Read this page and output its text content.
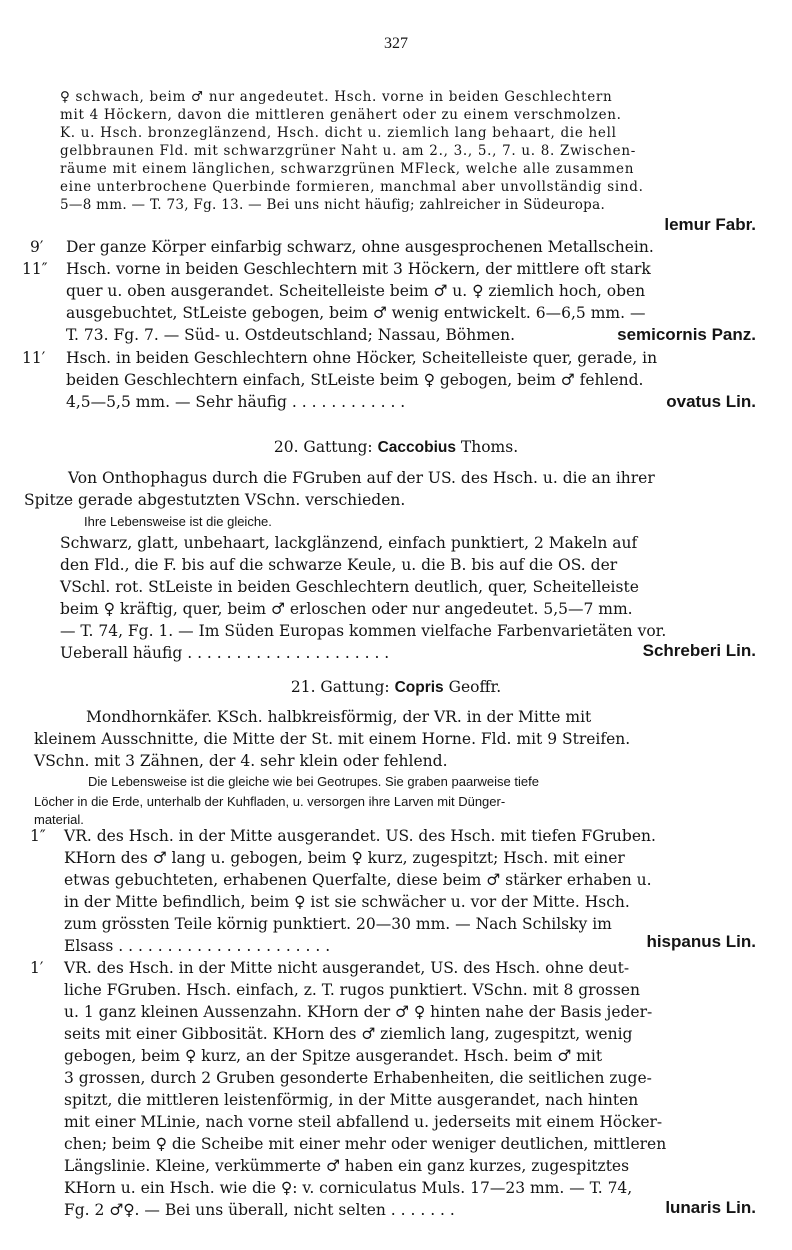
327
♀ schwach, beim ♂ nur angedeutet. Hsch. vorne in beiden Geschlechtern
mit 4 Höckern, davon die mittleren genähert oder zu einem verschmolzen.
K. u. Hsch. bronzeglänzend, Hsch. dicht u. ziemlich lang behaart, die hell
gelbbraunen Fld. mit schwarzgrüner Naht u. am 2., 3., 5., 7. u. 8. Zwischen-
räume mit einem länglichen, schwarzgrünen MFleck, welche alle zusammen
eine unterbrochene Querbinde formieren, manchmal aber unvollständig sind.
5—8 mm. — T. 73, Fg. 13. — Bei uns nicht häufig; zahlreicher in Südeuropa.
lemur Fabr.
9′ Der ganze Körper einfarbig schwarz, ohne ausgesprochenen Metallschein.
11″ Hsch. vorne in beiden Geschlechtern mit 3 Höckern, der mittlere oft stark
quer u. oben ausgerandet. Scheitelleiste beim ♂ u. ♀ ziemlich hoch, oben
ausgebuchtet, StLeiste gebogen, beim ♂ wenig entwickelt. 6—6,5 mm. —
T. 73. Fg. 7. — Süd- u. Ostdeutschland; Nassau, Böhmen.	semicornis Panz.
11′ Hsch. in beiden Geschlechtern ohne Höcker, Scheitelleiste quer, gerade, in
beiden Geschlechtern einfach, StLeiste beim ♀ gebogen, beim ♂ fehlend.
4,5—5,5 mm. — Sehr häufig . . . . . . . . . . . .	ovatus Lin.
20. Gattung: Caccobius Thoms.
Von Onthophagus durch die FGruben auf der US. des Hsch. u. die an ihrer
Spitze gerade abgestutzten VSchn. verschieden.
Ihre Lebensweise ist die gleiche.
Schwarz, glatt, unbehaart, lackglänzend, einfach punktiert, 2 Makeln auf
den Fld., die F. bis auf die schwarze Keule, u. die B. bis auf die OS. der
VSchl. rot. StLeiste in beiden Geschlechtern deutlich, quer, Scheitelleiste
beim ♀ kräftig, quer, beim ♂ erloschen oder nur angedeutet. 5,5—7 mm.
— T. 74, Fg. 1. — Im Süden Europas kommen vielfache Farbenvarietäten vor.
Ueberall häufig . . . . . . . . . . . . . . . . . . . . .	Schreberi Lin.
21. Gattung: Copris Geoffr.
Mondhornkäfer. KSch. halbkreisförmig, der VR. in der Mitte mit
kleinem Ausschnitte, die Mitte der St. mit einem Horne. Fld. mit 9 Streifen.
VSchn. mit 3 Zähnen, der 4. sehr klein oder fehlend.
Die Lebensweise ist die gleiche wie bei Geotrupes. Sie graben paarweise tiefe
Löcher in die Erde, unterhalb der Kuhfladen, u. versorgen ihre Larven mit Dünger-
material.
1″ VR. des Hsch. in der Mitte ausgerandet. US. des Hsch. mit tiefen FGruben.
KHorn des ♂ lang u. gebogen, beim ♀ kurz, zugespitzt; Hsch. mit einer
etwas gebuchteten, erhabenen Querfalte, diese beim ♂ stärker erhaben u.
in der Mitte befindlich, beim ♀ ist sie schwächer u. vor der Mitte. Hsch.
zum grössten Teile körnig punktiert. 20—30 mm. — Nach Schilsky im
Elsass . . . . . . . . . . . . . . . . . . . . . .	hispanus Lin.
1′ VR. des Hsch. in der Mitte nicht ausgerandet, US. des Hsch. ohne deut-
liche FGruben. Hsch. einfach, z. T. rugos punktiert. VSchn. mit 8 grossen
u. 1 ganz kleinen Aussenzahn. KHorn der ♂ ♀ hinten nahe der Basis jeder-
seits mit einer Gibbosität. KHorn des ♂ ziemlich lang, zugespitzt, wenig
gebogen, beim ♀ kurz, an der Spitze ausgerandet. Hsch. beim ♂ mit
3 grossen, durch 2 Gruben gesonderte Erhabenheiten, die seitlichen zuge-
spitzt, die mittleren leistenförmig, in der Mitte ausgerandet, nach hinten
mit einer MLinie, nach vorne steil abfallend u. jederseits mit einem Höcker-
chen; beim ♀ die Scheibe mit einer mehr oder weniger deutlichen, mittleren
Längslinie. Kleine, verkümmerte ♂ haben ein ganz kurzes, zugespitztes
KHorn u. ein Hsch. wie die ♀: v. corniculatus Muls. 17—23 mm. — T. 74,
Fg. 2 ♂♀. — Bei uns überall, nicht selten . . . . . . .	lunaris Lin.
